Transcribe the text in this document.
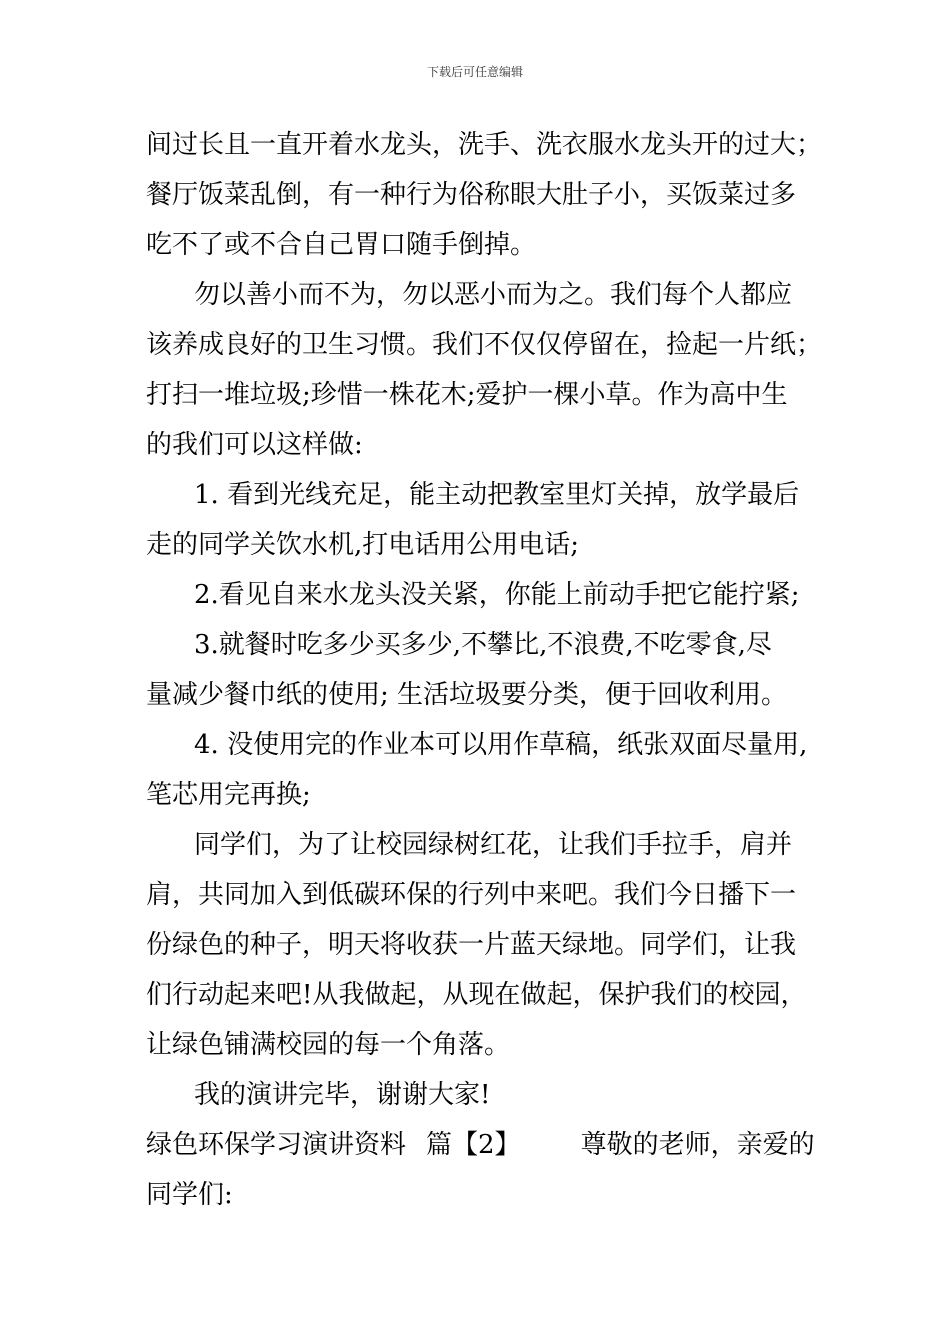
下载后可任意编辑
间过长且一直开着水龙头，洗手、洗衣服水龙头开的过大；
餐厅饭菜乱倒，有一种行为俗称眼大肚子小，买饭菜过多
吃不了或不合自己胃口随手倒掉。
勿以善小而不为，勿以恶小而为之。我们每个人都应
该养成良好的卫生习惯。我们不仅仅停留在，捡起一片纸；
打扫一堆垃圾;珍惜一株花木;爱护一棵小草。作为高中生
的我们可以这样做:
1. 看到光线充足，能主动把教室里灯关掉，放学最后
走的同学关饮水机,打电话用公用电话;
2.看见自来水龙头没关紧，你能上前动手把它能拧紧;
3.就餐时吃多少买多少,不攀比,不浪费,不吃零食,尽
量减少餐巾纸的使用; 生活垃圾要分类，便于回收利用。
4. 没使用完的作业本可以用作草稿，纸张双面尽量用,
笔芯用完再换;
同学们，为了让校园绿树红花，让我们手拉手，肩并
肩，共同加入到低碳环保的行列中来吧。我们今日播下一
份绿色的种子，明天将收获一片蓝天绿地。同学们，让我
们行动起来吧!从我做起，从现在做起，保护我们的校园，
让绿色铺满校园的每一个角落。
我的演讲完毕，谢谢大家!
绿色环保学习演讲资料 篇【2】 尊敬的老师，亲爱的
同学们:
